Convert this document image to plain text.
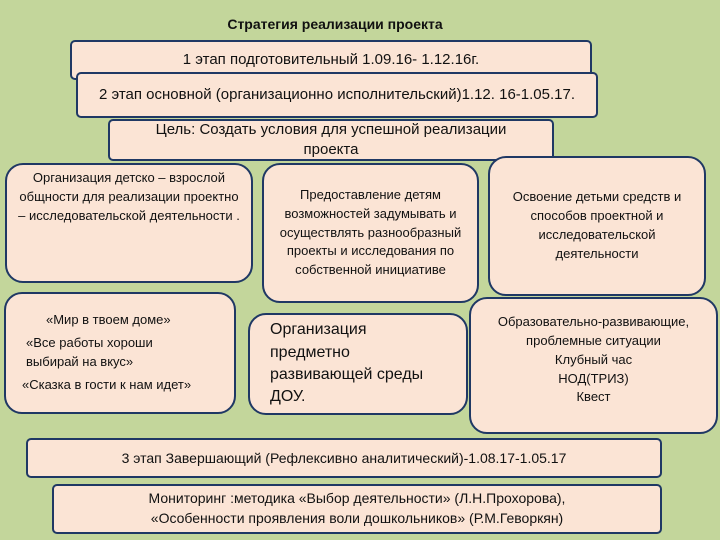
Стратегия реализации проекта
1 этап подготовительный 1.09.16- 1.12.16г.
2 этап основной (организационно исполнительский)1.12. 16-1.05.17.
Цель: Создать условия для успешной реализации проекта
Организация детско – взрослой общности для реализации проектно – исследовательской деятельности .
Предоставление детям возможностей задумывать и осуществлять разнообразный проекты и исследования по собственной инициативе
Освоение детьми средств и способов проектной и исследовательской деятельности
«Мир в твоем доме»
«Все работы хороши выбирай на вкус»
«Сказка в гости к нам идет»
Организация предметно развивающей среды ДОУ.
Образовательно-развивающие, проблемные ситуации
Клубный час
НОД(ТРИЗ)
Квест
3 этап Завершающий (Рефлексивно аналитический)-1.08.17-1.05.17
Мониторинг :методика «Выбор деятельности» (Л.Н.Прохорова),
«Особенности проявления воли дошкольников» (Р.М.Геворкян)
